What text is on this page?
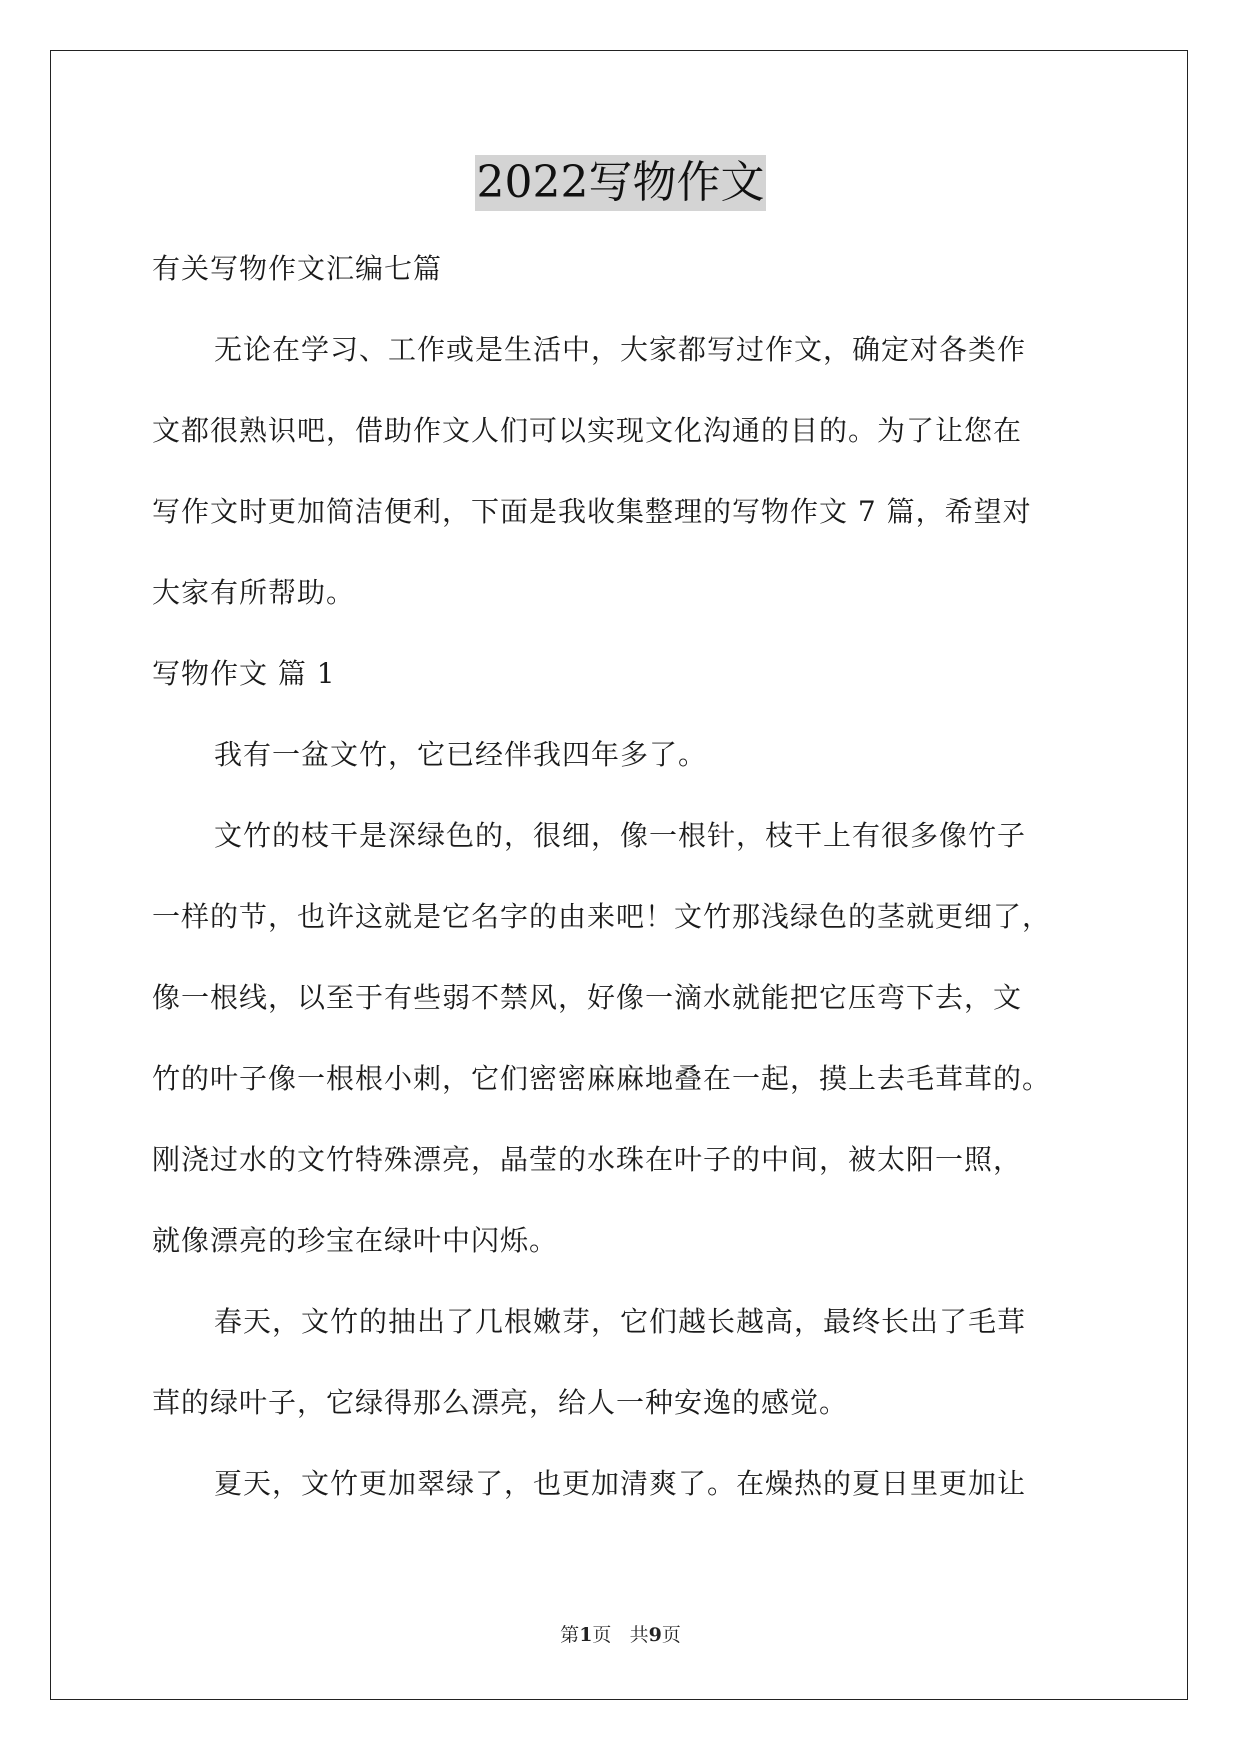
2022写物作文
有关写物作文汇编七篇
无论在学习、工作或是生活中，大家都写过作文，确定对各类作
文都很熟识吧，借助作文人们可以实现文化沟通的目的。为了让您在
写作文时更加简洁便利，下面是我收集整理的写物作文 7 篇，希望对
大家有所帮助。
写物作文 篇 1
我有一盆文竹，它已经伴我四年多了。
文竹的枝干是深绿色的，很细，像一根针，枝干上有很多像竹子
一样的节，也许这就是它名字的由来吧！文竹那浅绿色的茎就更细了，
像一根线，以至于有些弱不禁风，好像一滴水就能把它压弯下去，文
竹的叶子像一根根小刺，它们密密麻麻地叠在一起，摸上去毛茸茸的。
刚浇过水的文竹特殊漂亮，晶莹的水珠在叶子的中间，被太阳一照，
就像漂亮的珍宝在绿叶中闪烁。
春天，文竹的抽出了几根嫩芽，它们越长越高，最终长出了毛茸
茸的绿叶子，它绿得那么漂亮，给人一种安逸的感觉。
夏天，文竹更加翠绿了，也更加清爽了。在燥热的夏日里更加让
第1页 共9页
